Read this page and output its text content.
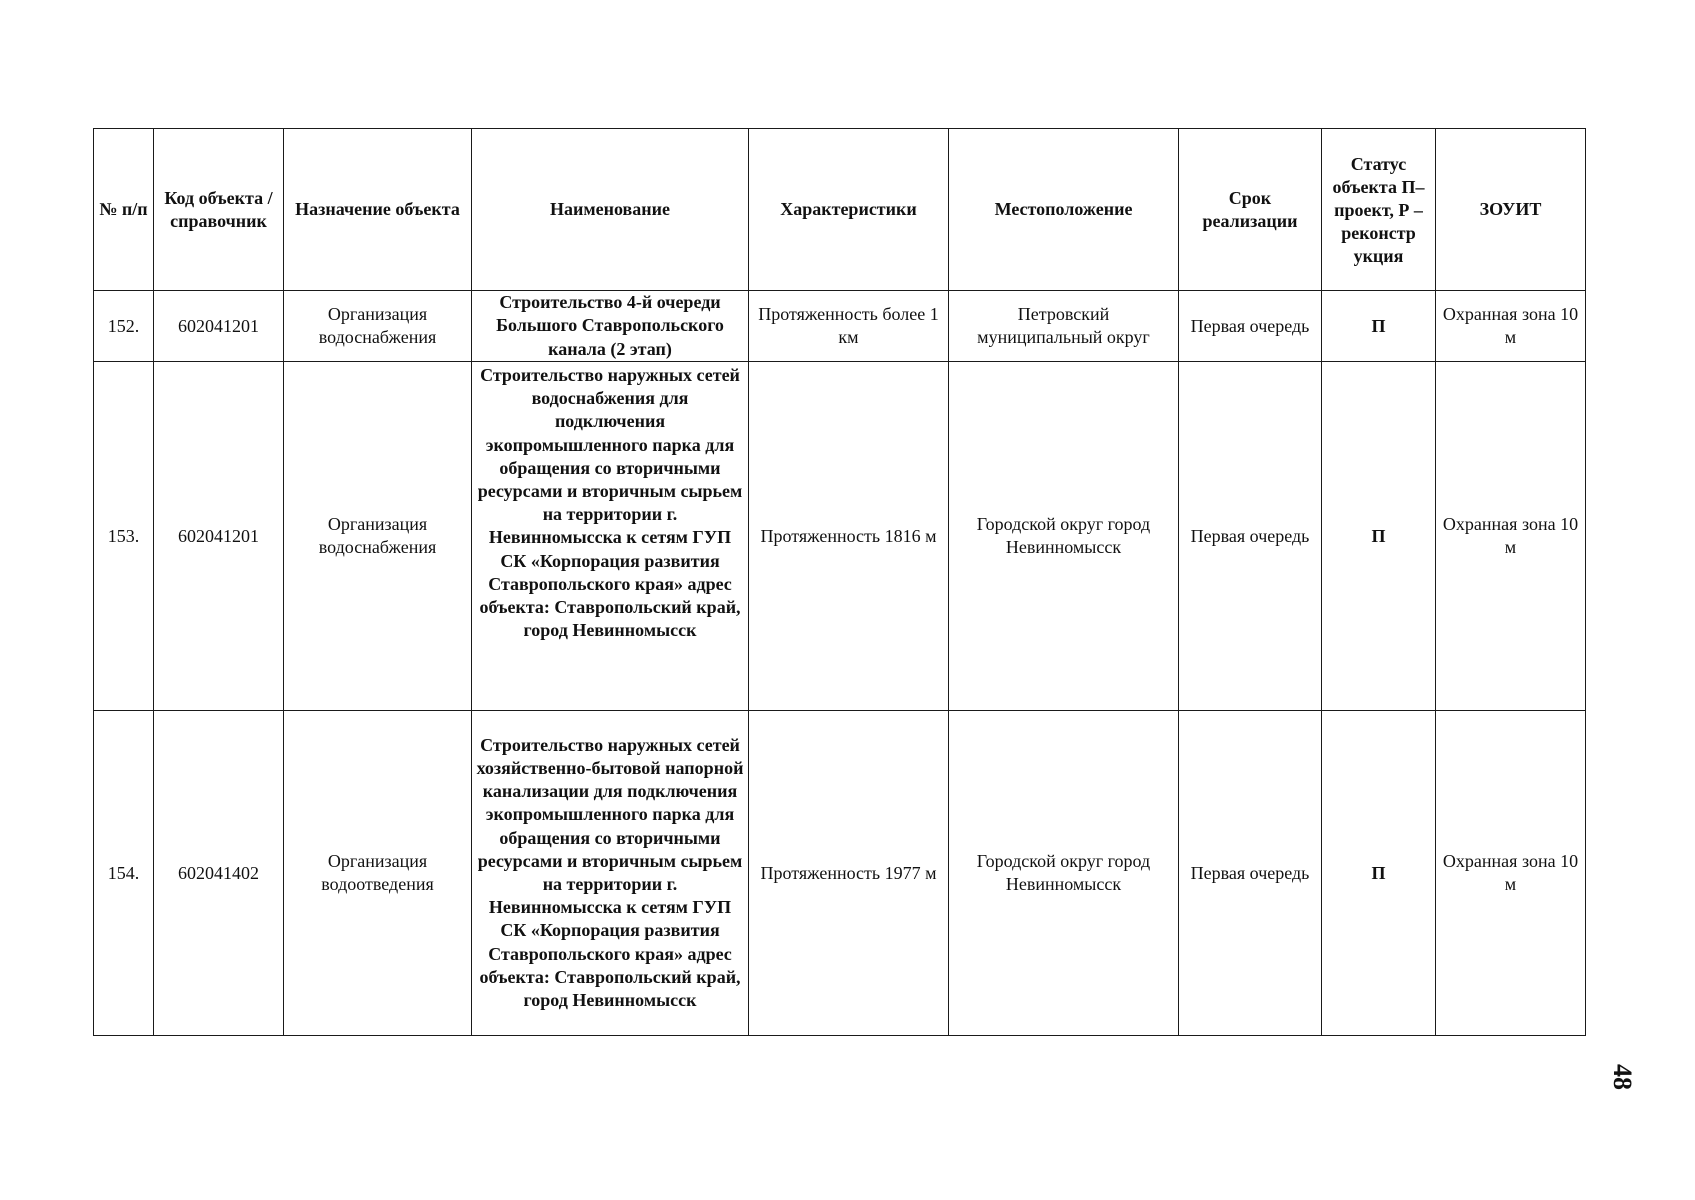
№ п/п	Код объекта / справочник	Назначение объекта	Наименование	Характеристики	Местоположение	Срок реализации	Статус объекта П– проект, Р – реконстр укция	ЗОУИТ
152.	602041201	Организация водоснабжения	Строительство 4-й очереди Большого Ставропольского канала (2 этап)	Протяженность более 1 км	Петровский муниципальный округ	Первая очередь	П	Охранная зона 10 м
153.	602041201	Организация водоснабжения	Строительство наружных сетей водоснабжения для подключения экопромышленного парка для обращения со вторичными ресурсами и вторичным сырьем на территории г. Невинномысска к сетям ГУП СК «Корпорация развития Ставропольского края» адрес объекта: Ставропольский край, город Невинномысск	Протяженность 1816 м	Городской округ город Невинномысск	Первая очередь	П	Охранная зона 10 м
154.	602041402	Организация водоотведения	Строительство наружных сетей хозяйственно-бытовой напорной канализации для подключения экопромышленного парка для обращения со вторичными ресурсами и вторичным сырьем на территории г. Невинномысска к сетям ГУП СК «Корпорация развития Ставропольского края» адрес объекта: Ставропольский край, город Невинномысск	Протяженность 1977 м	Городской округ город Невинномысск	Первая очередь	П	Охранная зона 10 м
48
